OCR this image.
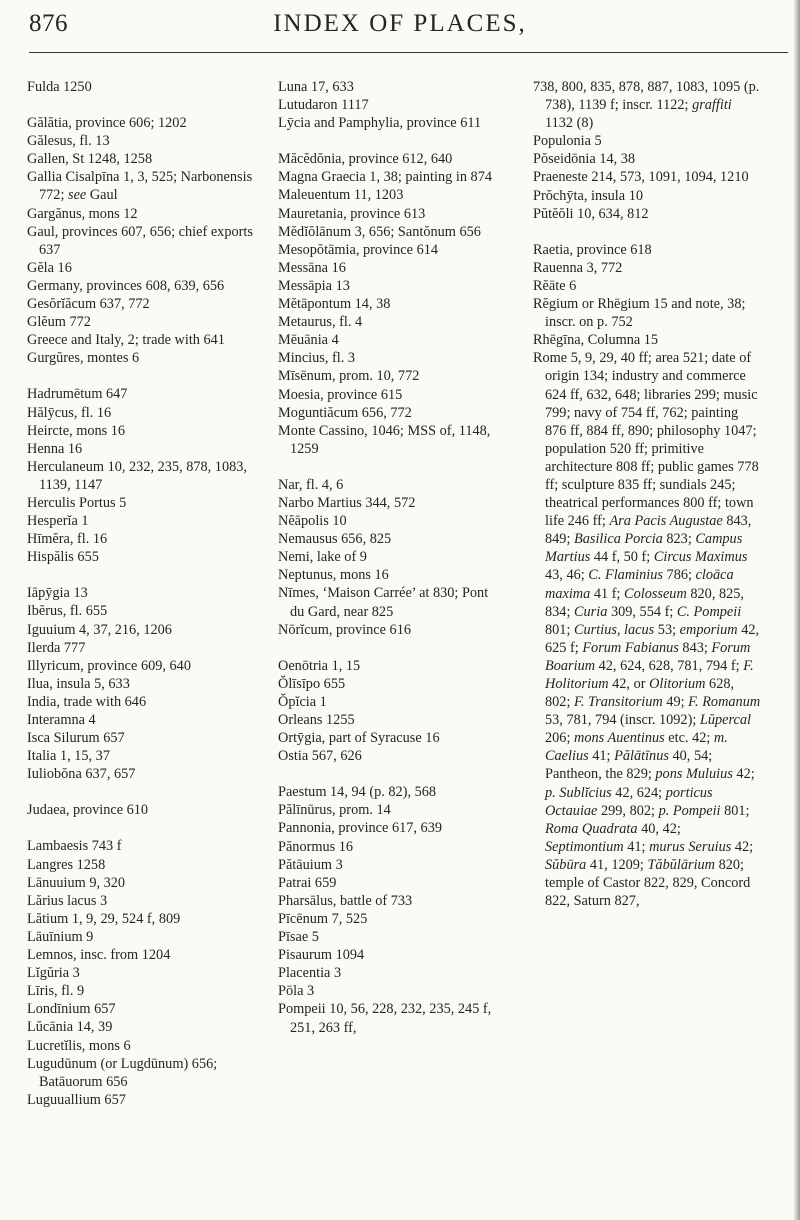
876	INDEX OF PLACES,
Fulda 1250
Gălătia, province 606; 1202
Gălesus, fl. 13
Gallen, St 1248, 1258
Gallia Cisalpīna 1, 3, 525; Narbonensis 772; see Gaul
Gargănus, mons 12
Gaul, provinces 607, 656; chief exports 637
Gĕla 16
Germany, provinces 608, 639, 656
Gesŏrĭăcum 637, 772
Glĕum 772
Greece and Italy, 2; trade with 641
Gurgŭres, montes 6
Hadrumētum 647
Hălȳcus, fl. 16
Heircte, mons 16
Henna 16
Herculaneum 10, 232, 235, 878, 1083, 1139, 1147
Herculis Portus 5
Hesperĭa 1
Hīmĕra, fl. 16
Hispălis 655
Iāpȳgia 13
Ibĕrus, fl. 655
Iguuium 4, 37, 216, 1206
Ilerda 777
Illyricum, province 609, 640
Ilua, insula 5, 633
India, trade with 646
Interamna 4
Isca Silurum 657
Italia 1, 15, 37
Iuliobŏna 637, 657
Judaea, province 610
Lambaesis 743 f
Langres 1258
Lānuuium 9, 320
Lărius lacus 3
Lătium 1, 9, 29, 524 f, 809
Lāuīnium 9
Lemnos, insc. from 1204
Lĭgŭria 3
Līris, fl. 9
Londīnium 657
Lŭcānia 14, 39
Lucretĭlis, mons 6
Lugudūnum (or Lugdūnum) 656; Batāuorum 656
Luguuallium 657
Luna 17, 633
Lutudaron 1117
Lȳcia and Pamphylia, province 611
Măcĕdŏnia, province 612, 640
Magna Graecia 1, 38; painting in 874
Maleuentum 11, 1203
Mauretania, province 613
Mĕdĭŏlānum 3, 656; Santŏnum 656
Mesopŏtāmia, province 614
Messāna 16
Messāpia 13
Mĕtāpontum 14, 38
Metaurus, fl. 4
Mēuānia 4
Mincius, fl. 3
Mīsēnum, prom. 10, 772
Moesia, province 615
Moguntiăcum 656, 772
Monte Cassino, 1046; MSS of, 1148, 1259
Nar, fl. 4, 6
Narbo Martius 344, 572
Nĕāpolis 10
Nemausus 656, 825
Nemi, lake of 9
Neptunus, mons 16
Nīmes, ‘Maison Carrée’ at 830; Pont du Gard, near 825
Nōrĭcum, province 616
Oenōtria 1, 15
Ŏlīsīpo 655
Ŏpĭcia 1
Orleans 1255
Ortȳgia, part of Syracuse 16
Ostia 567, 626
Paestum 14, 94 (p. 82), 568
Pălīnūrus, prom. 14
Pannonia, province 617, 639
Pănormus 16
Pătāuium 3
Patrai 659
Pharsālus, battle of 733
Pīcēnum 7, 525
Pīsae 5
Pisaurum 1094
Placentia 3
Pōla 3
Pompeii 10, 56, 228, 232, 235, 245 f, 251, 263 ff,
738, 800, 835, 878, 887, 1083, 1095 (p. 738), 1139 f; inscr. 1122; graffiti 1132 (8)
Populonia 5
Pŏseidōnia 14, 38
Praeneste 214, 573, 1091, 1094, 1210
Prŏchȳta, insula 10
Pŭtĕŏli 10, 634, 812
Raetia, province 618
Rauenna 3, 772
Rĕāte 6
Rĕgium or Rhēgium 15 and note, 38; inscr. on p. 752
Rhēgīna, Columna 15
Rome 5, 9, 29, 40 ff; area 521; date of origin 134; industry and commerce 624 ff, 632, 648; libraries 299; music 799; navy of 754 ff, 762; painting 876 ff, 884 ff, 890; philosophy 1047; population 520 ff; primitive architecture 808 ff; public games 778 ff; sculpture 835 ff; sundials 245; theatrical performances 800 ff; town life 246 ff; Ara Pacis Augustae 843, 849; Basilica Porcia 823; Campus Martius 44 f, 50 f; Circus Maximus 43, 46; C. Flaminius 786; cloāca maxima 41 f; Colosseum 820, 825, 834; Curia 309, 554 f; C. Pompeii 801; Curtius, lacus 53; emporium 42, 625 f; Forum Fabianus 843; Forum Boarium 42, 624, 628, 781, 794 f; F. Holitorium 42, or Olitorium 628, 802; F. Transitorium 49; F. Romanum 53, 781, 794 (inscr. 1092); Lŭpercal 206; mons Auentinus etc. 42; m. Caelius 41; Pălātīnus 40, 54; Pantheon, the 829; pons Muluius 42; p. Sublĭcius 42, 624; porticus Octauiae 299, 802; p. Pompeii 801; Roma Quadrata 40, 42; Septimontium 41; murus Seruius 42; Sŭbūra 41, 1209; Tăbŭlārium 820; temple of Castor 822, 829, Concord 822, Saturn 827,
